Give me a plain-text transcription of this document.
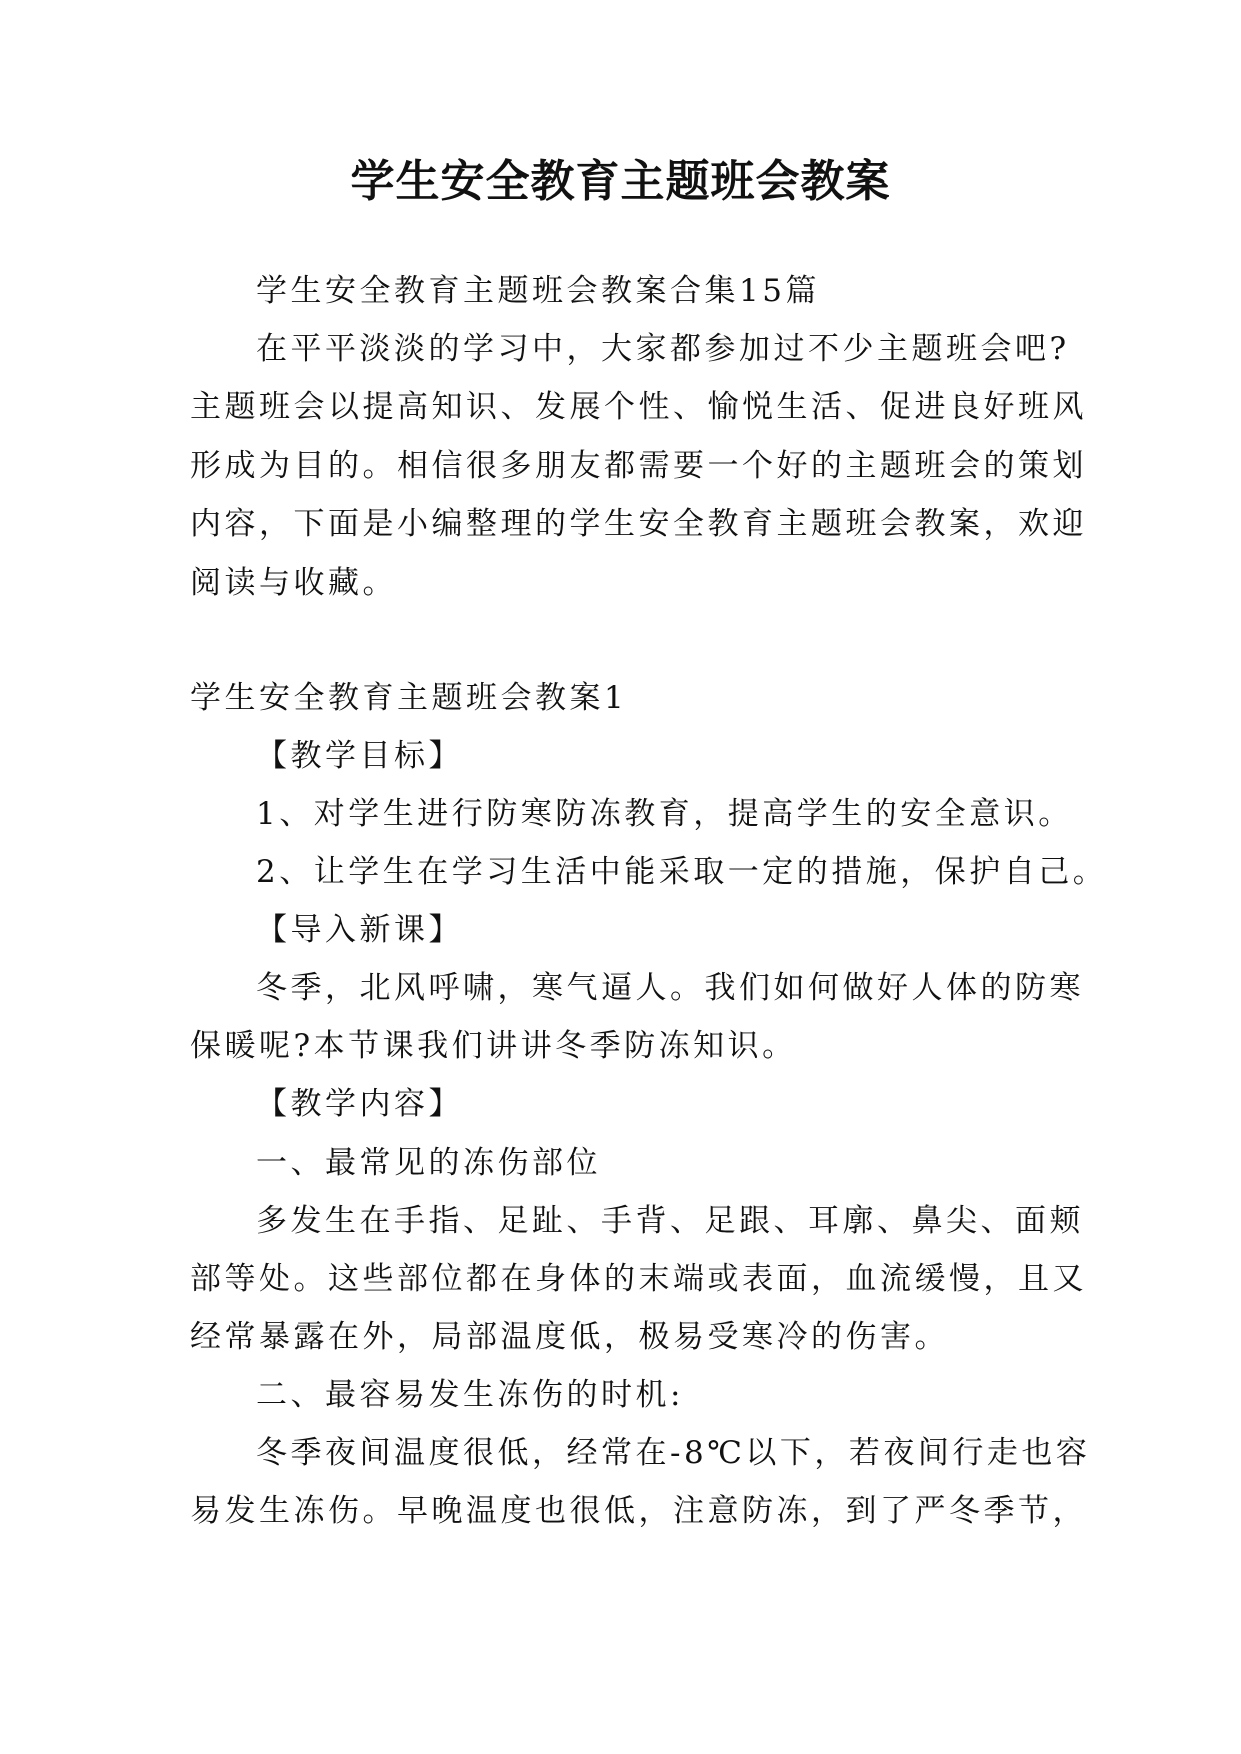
学生安全教育主题班会教案

学生安全教育主题班会教案合集15篇

在平平淡淡的学习中，大家都参加过不少主题班会吧?

主题班会以提高知识、发展个性、愉悦生活、促进良好班风

形成为目的。相信很多朋友都需要一个好的主题班会的策划

内容，下面是小编整理的学生安全教育主题班会教案，欢迎

阅读与收藏。

学生安全教育主题班会教案1

【教学目标】

1、对学生进行防寒防冻教育，提高学生的安全意识。

2、让学生在学习生活中能采取一定的措施，保护自己。

【导入新课】

冬季，北风呼啸，寒气逼人。我们如何做好人体的防寒

保暖呢?本节课我们讲讲冬季防冻知识。

【教学内容】

一、最常见的冻伤部位

多发生在手指、足趾、手背、足跟、耳廓、鼻尖、面颊

部等处。这些部位都在身体的末端或表面，血流缓慢，且又

经常暴露在外，局部温度低，极易受寒冷的伤害。

二、最容易发生冻伤的时机:

冬季夜间温度很低，经常在-8℃以下，若夜间行走也容

易发生冻伤。早晚温度也很低，注意防冻，到了严冬季节，
